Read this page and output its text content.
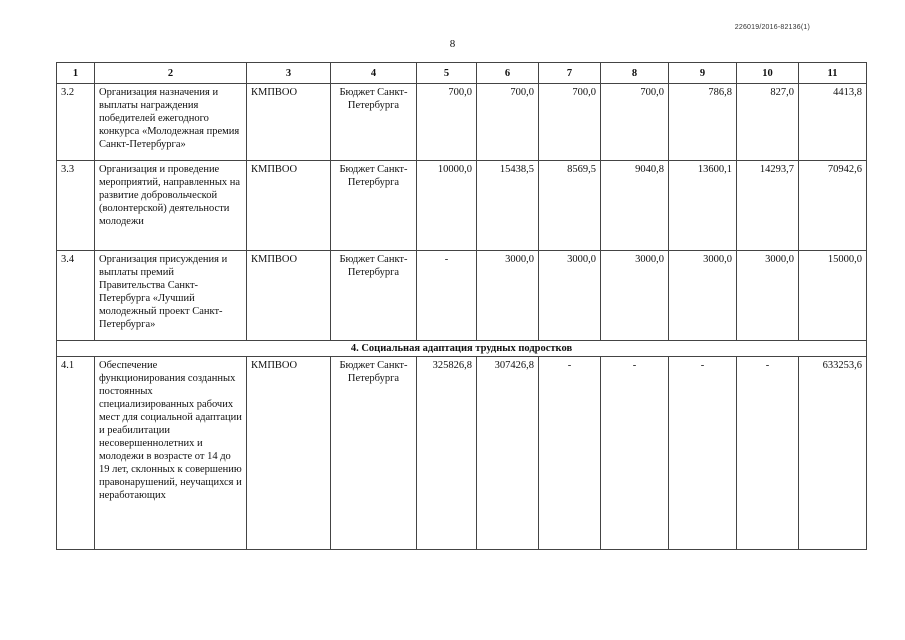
226019/2016-82136(1)
8
1	2	3	4	5	6	7	8	9	10	11
3.2	Организация назначения и выплаты награждения победителей ежегодного конкурса «Молодежная премия Санкт-Петербурга»	КМПВОО	Бюджет Санкт-Петербурга	700,0	700,0	700,0	700,0	786,8	827,0	4413,8
3.3	Организация и проведение мероприятий, направленных на развитие добровольческой (волонтерской) деятельности молодежи	КМПВОО	Бюджет Санкт-Петербурга	10000,0	15438,5	8569,5	9040,8	13600,1	14293,7	70942,6
3.4	Организация присуждения и выплаты премий Правительства Санкт-Петербурга «Лучший молодежный проект Санкт-Петербурга»	КМПВОО	Бюджет Санкт-Петербурга	-	3000,0	3000,0	3000,0	3000,0	3000,0	15000,0
4. Социальная адаптация трудных подростков										
4.1	Обеспечение функционирования созданных постоянных специализированных рабочих мест для социальной адаптации и реабилитации несовершеннолетних и молодежи в возрасте от 14 до 19 лет, склонных к совершению правонарушений, неучащихся и неработающих	КМПВОО	Бюджет Санкт-Петербурга	325826,8	307426,8	-	-	-	-	633253,6
